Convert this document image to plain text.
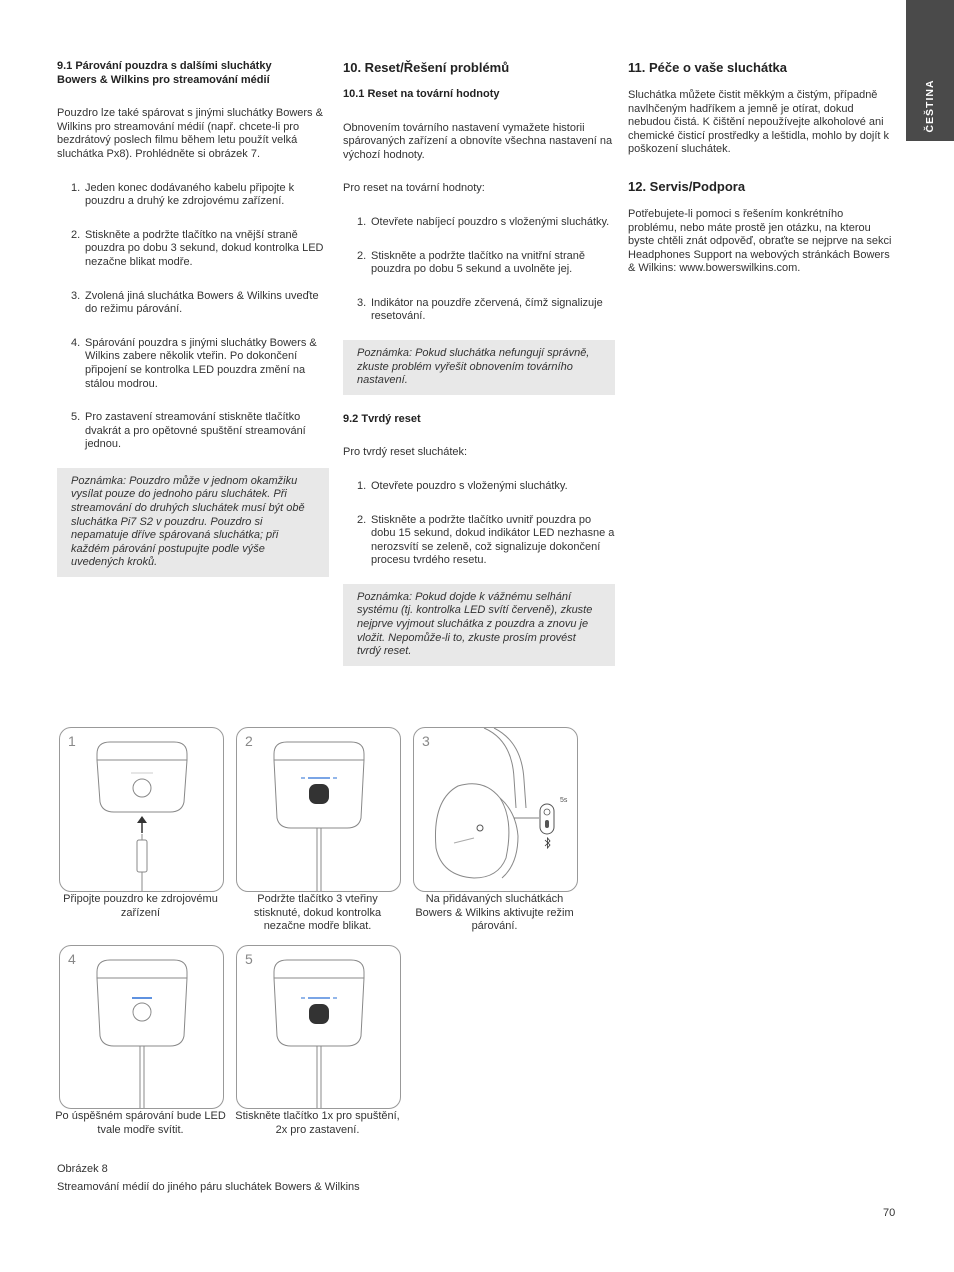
ČEŠTINA
9.1 Párování pouzdra s dalšími sluchátky
Bowers & Wilkins pro streamování médií

Pouzdro lze také spárovat s jinými sluchátky Bowers & Wilkins pro streamování médií (např. chcete-li pro bezdrátový poslech filmu během letu použít velká sluchátka Px8). Prohlédněte si obrázek 7.

1. Jeden konec dodávaného kabelu připojte k pouzdru a druhý ke zdrojovému zařízení.
2. Stiskněte a podržte tlačítko na vnější straně pouzdra po dobu 3 sekund, dokud kontrolka LED nezačne blikat modře.
3. Zvolená jiná sluchátka Bowers & Wilkins uveďte do režimu párování.
4. Spárování pouzdra s jinými sluchátky Bowers & Wilkins zabere několik vteřin. Po dokončení připojení se kontrolka LED pouzdra změní na stálou modrou.
5. Pro zastavení streamování stiskněte tlačítko dvakrát a pro opětovné spuštění streamování jednou.
Poznámka: Pouzdro může v jednom okamžiku vysílat pouze do jednoho páru sluchátek. Při streamování do druhých sluchátek musí být obě sluchátka Pi7 S2 v pouzdru. Pouzdro si nepamatuje dříve spárovaná sluchátka; při každém párování postupujte podle výše uvedených kroků.
10. Reset/Řešení problémů
10.1 Reset na tovární hodnoty

Obnovením továrního nastavení vymažete historii spárovaných zařízení a obnovíte všechna nastavení na výchozí hodnoty.

Pro reset na tovární hodnoty:

1. Otevřete nabíjecí pouzdro s vloženými sluchátky.
2. Stiskněte a podržte tlačítko na vnitřní straně pouzdra po dobu 5 sekund a uvolněte jej.
3. Indikátor na pouzdře zčervená, čímž signalizuje resetování.
Poznámka: Pokud sluchátka nefungují správně, zkuste problém vyřešit obnovením továrního nastavení.
9.2 Tvrdý reset

Pro tvrdý reset sluchátek:

1. Otevřete pouzdro s vloženými sluchátky.
2. Stiskněte a podržte tlačítko uvnitř pouzdra po dobu 15 sekund, dokud indikátor LED nezhasne a nerozsvítí se zeleně, což signalizuje dokončení procesu tvrdého resetu.
Poznámka: Pokud dojde k vážnému selhání systému (tj. kontrolka LED svítí červeně), zkuste nejprve vyjmout sluchátka z pouzdra a znovu je vložit. Nepomůže-li to, zkuste prosím provést tvrdý reset.
11. Péče o vaše sluchátka

Sluchátka můžete čistit měkkým a čistým, případně navlhčeným hadříkem a jemně je otírat, dokud nebudou čistá. K čištění nepoužívejte alkoholové ani chemické čisticí prostředky a leštidla, mohlo by dojít k poškození sluchátek.

12. Servis/Podpora

Potřebujete-li pomoci s řešením konkrétního problému, nebo máte prostě jen otázku, na kterou byste chtěli znát odpověď, obraťte se nejprve na sekci Headphones Support na webových stránkách Bowers & Wilkins: www.bowerswilkins.com.

1
Připojte pouzdro ke zdrojovému zařízení
2
Podržte tlačítko 3 vteřiny stisknuté, dokud kontrolka nezačne modře blikat.
3
5s
Na přidávaných sluchátkách Bowers & Wilkins aktivujte režim párování.
4
Po úspěšném spárování bude LED tvale modře svítit.
5
Stiskněte tlačítko 1x pro spuštění, 2x pro zastavení.
Obrázek 8
Streamování médií do jiného páru sluchátek Bowers & Wilkins
70
